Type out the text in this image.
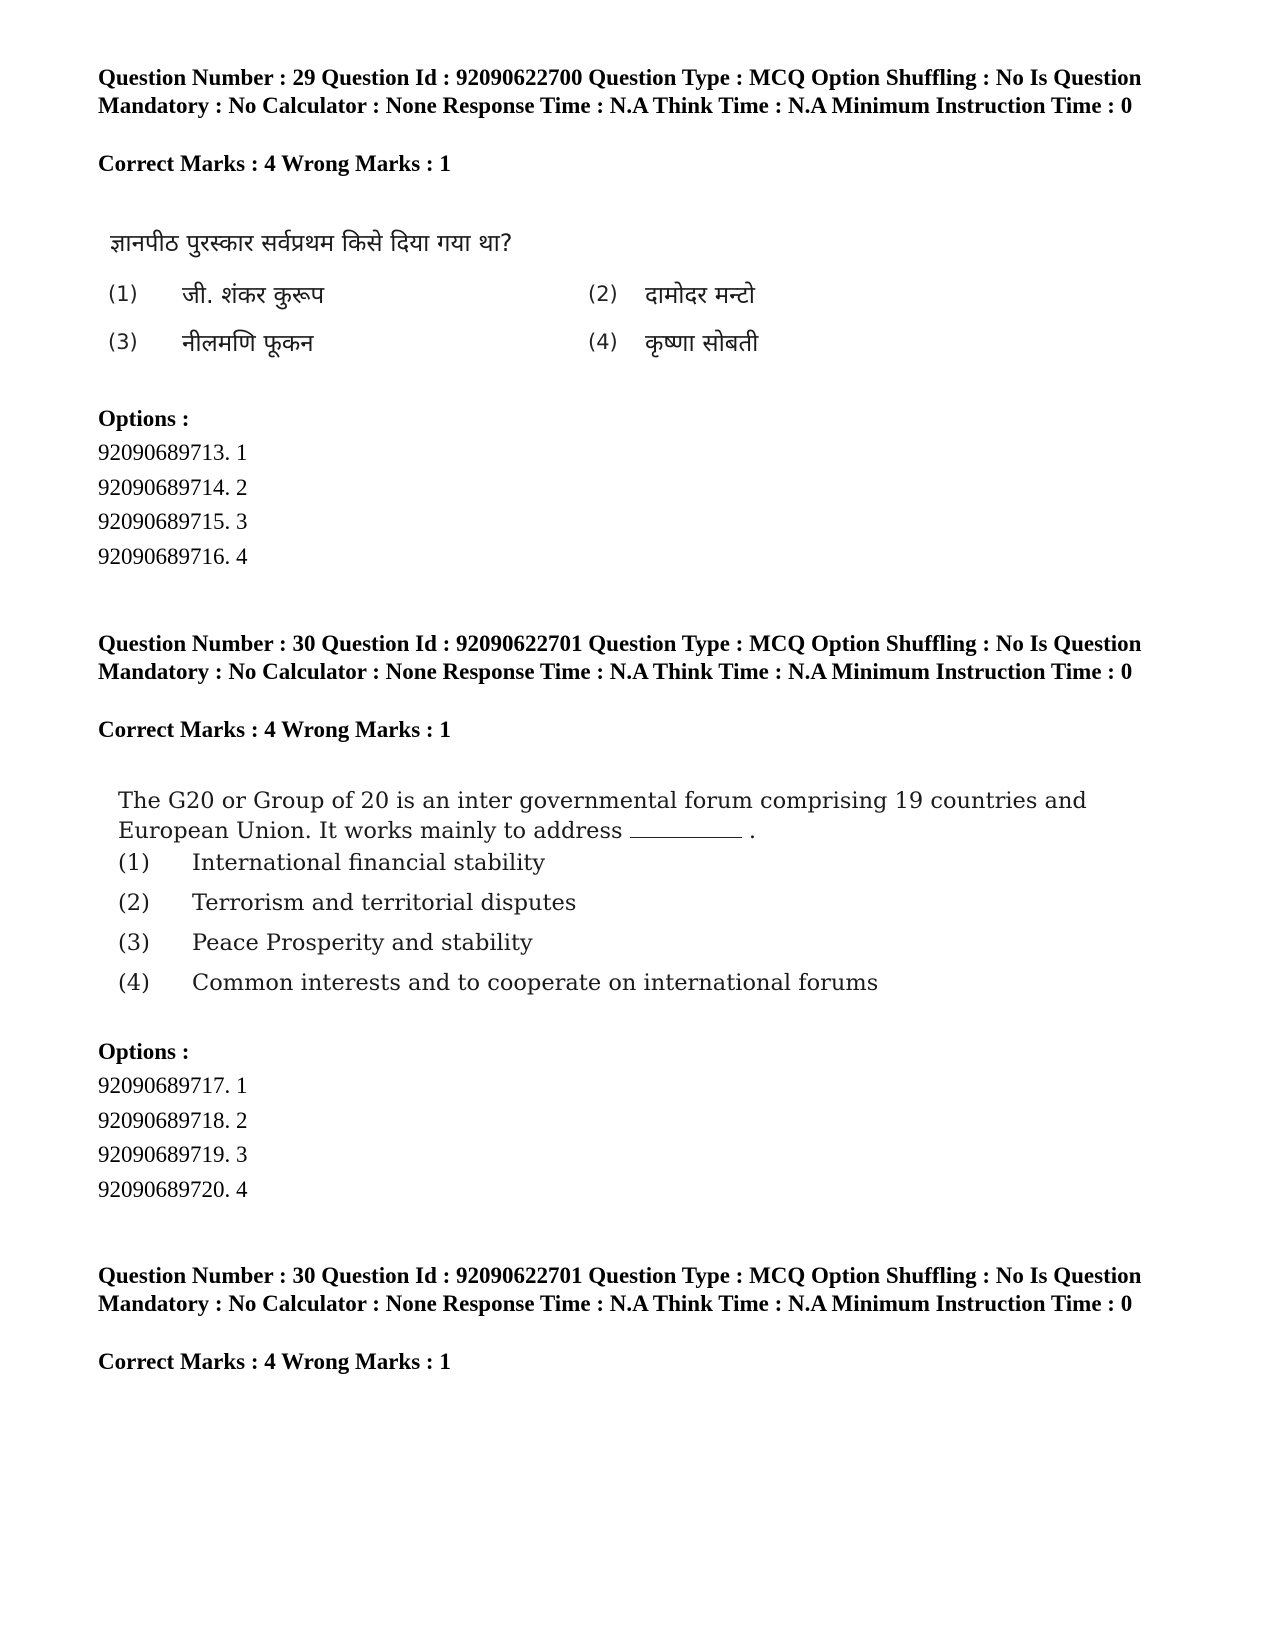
Question Number : 29 Question Id : 92090622700 Question Type : MCQ Option Shuffling : No Is Question Mandatory : No Calculator : None Response Time : N.A Think Time : N.A Minimum Instruction Time : 0

Correct Marks : 4 Wrong Marks : 1

ज्ञानपीठ पुरस्कार सर्वप्रथम किसे दिया गया था?
(1) जी. शंकर कुरूप	(2) दामोदर मन्टो
(3) नीलमणि फूकन	(4) कृष्णा सोबती
Options :
92090689713. 1
92090689714. 2
92090689715. 3
92090689716. 4

Question Number : 30 Question Id : 92090622701 Question Type : MCQ Option Shuffling : No Is Question Mandatory : No Calculator : None Response Time : N.A Think Time : N.A Minimum Instruction Time : 0

Correct Marks : 4 Wrong Marks : 1

The G20 or Group of 20 is an inter governmental forum comprising 19 countries and
European Union. It works mainly to address	.
(1) International financial stability
(2) Terrorism and territorial disputes
(3) Peace Prosperity and stability
(4) Common interests and to cooperate on international forums
Options :
92090689717. 1
92090689718. 2
92090689719. 3
92090689720. 4

Question Number : 30 Question Id : 92090622701 Question Type : MCQ Option Shuffling : No Is Question Mandatory : No Calculator : None Response Time : N.A Think Time : N.A Minimum Instruction Time : 0

Correct Marks : 4 Wrong Marks : 1
